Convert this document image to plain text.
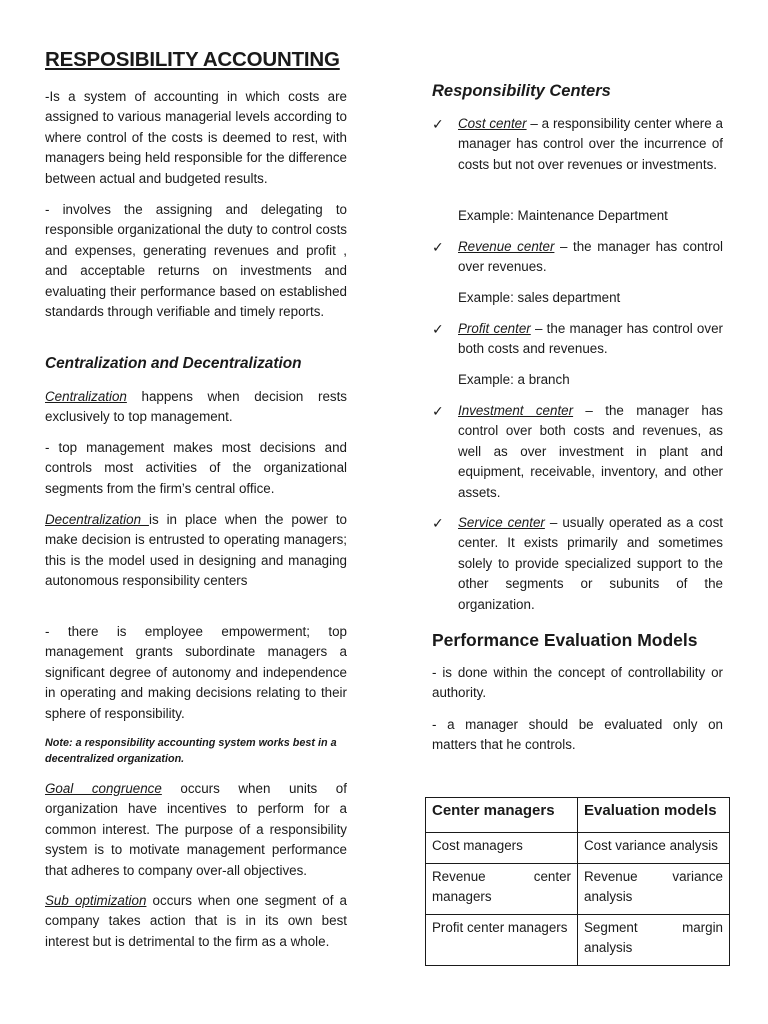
RESPOSIBILITY ACCOUNTING

-Is a system of accounting in which costs are assigned to various managerial levels according to where control of the costs is deemed to rest, with managers being held responsible for the difference between actual and budgeted results.

- involves the assigning and delegating to responsible organizational the duty to control costs and expenses, generating revenues and profit , and acceptable returns on investments and evaluating their performance based on established standards through verifiable and timely reports.

Centralization and Decentralization

Centralization happens when decision rests exclusively to top management.

- top management makes most decisions and controls most activities of the organizational segments from the firm’s central office.

Decentralization is in place when the power to make decision is entrusted to operating managers; this is the model used in designing and managing autonomous responsibility centers

- there is employee empowerment; top management grants subordinate managers a significant degree of autonomy and independence in operating and making decisions relating to their sphere of responsibility.

Note: a responsibility accounting system works best in a decentralized organization.

Goal congruence occurs when units of organization have incentives to perform for a common interest. The purpose of a responsibility system is to motivate management performance that adheres to company over-all objectives.

Sub optimization occurs when one segment of a company takes action that is in its own best interest but is detrimental to the firm as a whole.

Responsibility Centers
✓ Cost center – a responsibility center where a manager has control over the incurrence of costs but not over revenues or investments.

Example: Maintenance Department
✓ Revenue center – the manager has control over revenues.

Example: sales department
✓ Profit center – the manager has control over both costs and revenues.

Example: a branch
✓ Investment center – the manager has control over both costs and revenues, as well as over investment in plant and equipment, receivable, inventory, and other assets.

✓ Service center – usually operated as a cost center. It exists primarily and sometimes solely to provide specialized support to the other segments or subunits of the organization.

Performance Evaluation Models

- is done within the concept of controllability or authority.

- a manager should be evaluated only on matters that he controls.

Center managers	Evaluation models
Cost managers	Cost variance analysis
Revenue center managers	Revenue variance analysis
Profit center managers	Segment margin analysis
